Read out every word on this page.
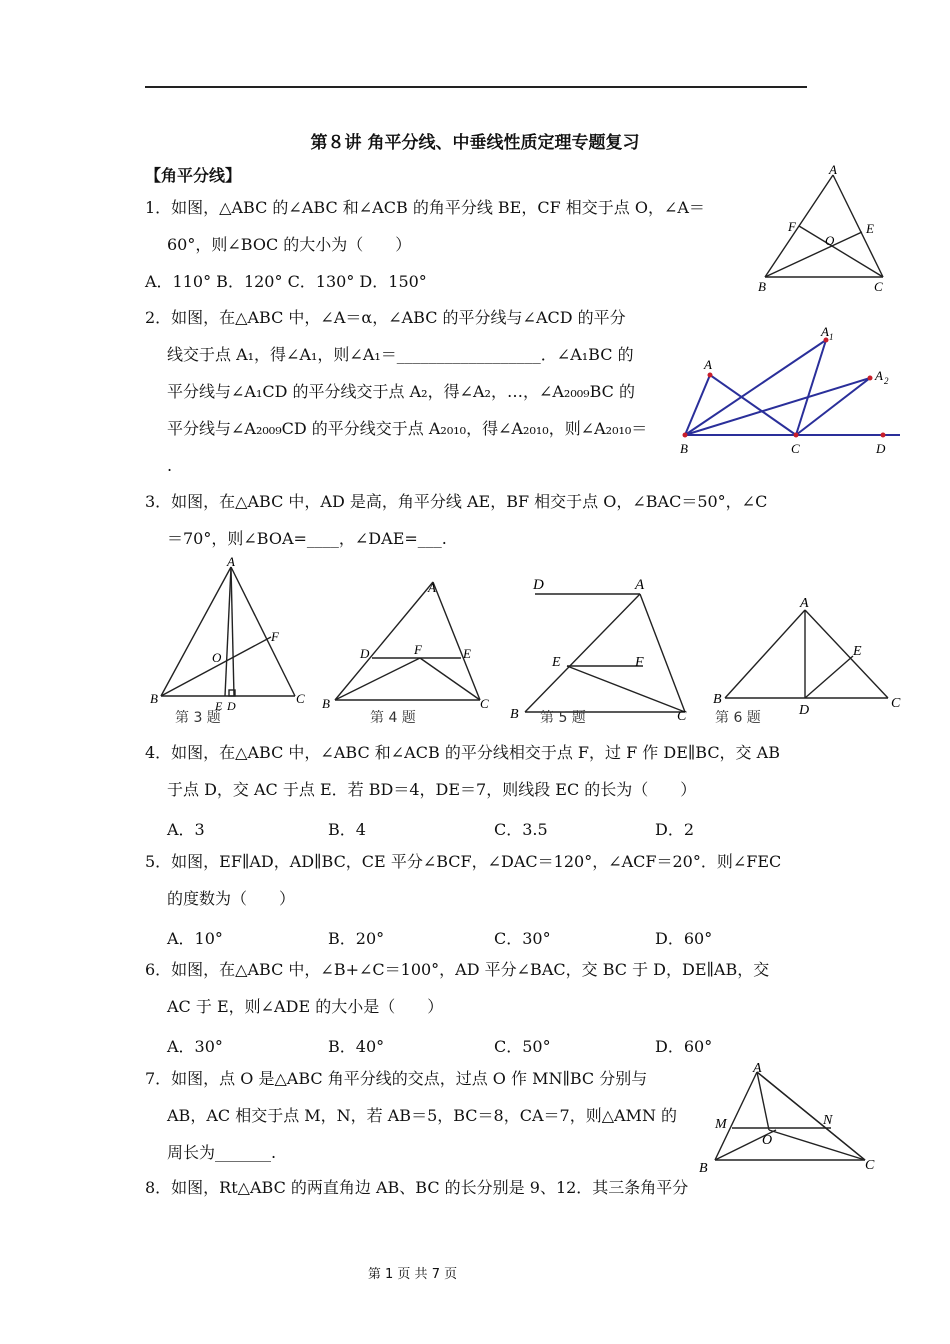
第８讲 角平分线、中垂线性质定理专题复习
【角平分线】
1．如图，△ABC 的∠ABC 和∠ACB 的角平分线 BE，CF 相交于点 O，∠A＝
60°，则∠BOC 的大小为（　　）
A．110° B．120° C．130° D．150°
A
B	C
F	E
O
2．如图，在△ABC 中，∠A＝α，∠ABC 的平分线与∠ACD 的平分
线交于点 A₁，得∠A₁，则∠A₁＝__________________．∠A₁BC 的
平分线与∠A₁CD 的平分线交于点 A₂，得∠A₂，…，∠A₂₀₀₉BC 的
平分线与∠A₂₀₀₉CD 的平分线交于点 A₂₀₁₀，得∠A₂₀₁₀，则∠A₂₀₁₀＝
.
A
A 1
A 2
B	C	D
3．如图，在△ABC 中，AD 是高，角平分线 AE，BF 相交于点 O，∠BAC＝50°，∠C
＝70°，则∠BOA=____，∠DAE=___.
A
B	C
F
O
E D
第 3 题
A
B	C
D	F	E
第 4 题
D	A
E	F
B	C
第 5 题
A
B	C
D
E
第 6 题
4．如图，在△ABC 中，∠ABC 和∠ACB 的平分线相交于点 F，过 F 作 DE∥BC，交 AB
于点 D，交 AC 于点 E．若 BD＝4，DE＝7，则线段 EC 的长为（　　）
A．3	B．4	C．3.5	D．2
5．如图，EF∥AD，AD∥BC，CE 平分∠BCF，∠DAC＝120°，∠ACF＝20°．则∠FEC
的度数为（　　）
A．10°	B．20°	C．30°	D．60°
6．如图，在△ABC 中，∠B+∠C＝100°，AD 平分∠BAC，交 BC 于 D，DE∥AB，交
AC 于 E，则∠ADE 的大小是（　　）
A．30°	B．40°	C．50°	D．60°
7．如图，点 O 是△ABC 角平分线的交点，过点 O 作 MN∥BC 分别与
AB，AC 相交于点 M，N，若 AB＝5，BC＝8，CA＝7，则△AMN 的
周长为_______.
A
M	N
O
B	C
8．如图，Rt△ABC 的两直角边 AB、BC 的长分别是 9、12．其三条角平分
第 1 页 共 7 页
